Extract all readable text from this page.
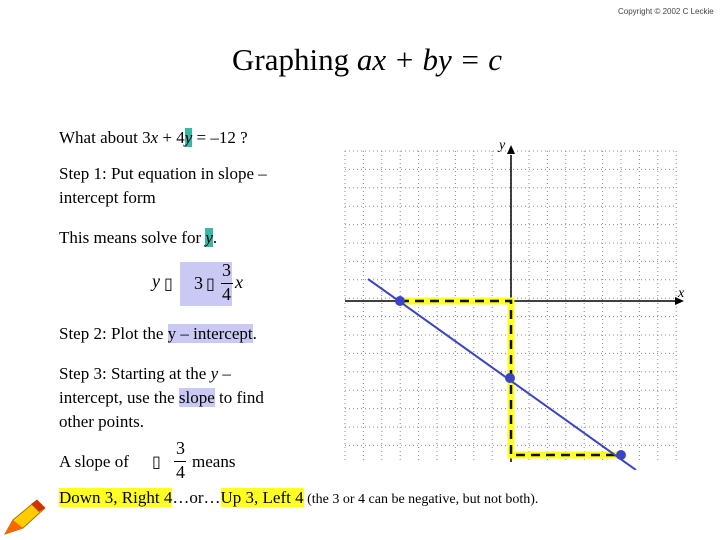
Copyright © 2002 C Leckie
Graphing ax + by = c
What about 3x + 4y = –12 ?
Step 1: Put equation in slope –
intercept form
This means solve for y.
y ▯ 3 ▯
3
4
x
Step 2: Plot the y – intercept.
Step 3: Starting at the y –
intercept, use the slope to find
other points.
A slope of ▯
3
4
means
Down 3, Right 4…or…Up 3, Left 4 (the 3 or 4 can be negative, but not both).
x
y
